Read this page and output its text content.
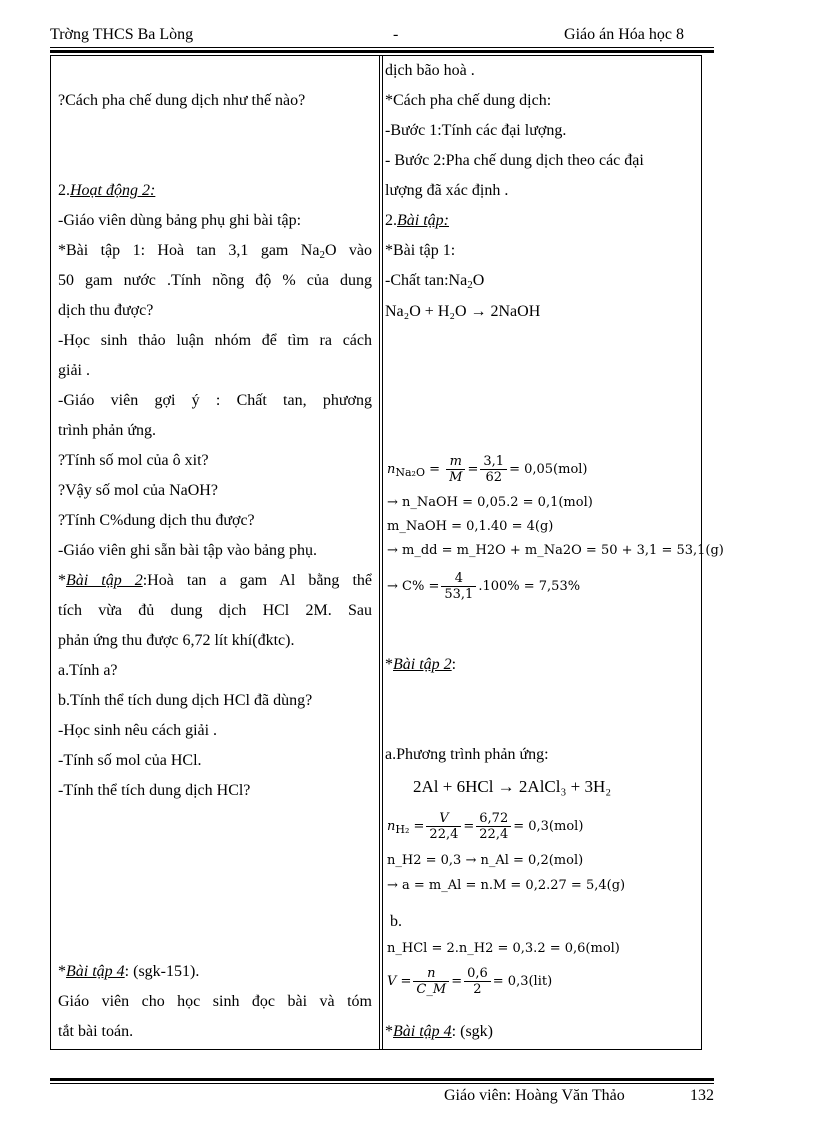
Trờng THCS Ba Lòng	-	Giáo án Hóa học 8
?Cách pha chế dung dịch như thế nào?
2.Hoạt động 2:
-Giáo viên dùng bảng phụ ghi bài tập:
*Bài tập 1: Hoà tan 3,1 gam $Na_2O$ vào
50 gam nước .Tính nồng độ % của dung
dịch thu được?
-Học sinh thảo luận nhóm để tìm ra cách
giải .
-Giáo viên gợi ý : Chất tan, phương
trình phản ứng.
?Tính số mol của ô xit?
?Vậy số mol của NaOH?
?Tính C%dung dịch thu được?
-Giáo viên ghi sẵn bài tập vào bảng phụ.
*Bài tập 2:Hoà tan a gam Al bằng thể
tích vừa đủ dung dịch HCl 2M. Sau
phản ứng thu được 6,72 lít khí(đktc).
a.Tính a?
b.Tính thể tích dung dịch HCl đã dùng?
-Học sinh nêu cách giải .
-Tính số mol của HCl.
-Tính thể tích dung dịch HCl?
*Bài tập 4: (sgk-151).
Giáo viên cho học sinh đọc bài và tóm
tắt bài toán.
dịch bão hoà .
*Cách pha chế dung dịch:
-Bước 1:Tính các đại lượng.
- Bước 2:Pha chế dung dịch theo các đại
lượng đã xác định .
2.Bài tập:
*Bài tập 1:
-Chất $\tan:Na_2O$
Na₂O + H₂O → 2NaOH
$n_{Na_2O} = \frac{m}{M} = \frac{3,1}{62} = 0,05(mol)$
→ n_NaOH = 0,05.2 = 0,1(mol)
m_NaOH = 0,1.40 = 4(g)
→ m_dd = m_H2O + m_Na2O = 50 + 3,1 = 53,1(g)
→ $C\% = \frac{4}{53,1} .100\% = 7,53\%$
*Bài tập 2:
a.Phương trình phản ứng:
2Al + 6HCl → 2AlCl₃ + 3H₂
$n_{H_2} = \frac{V}{22,4} = \frac{6,72}{22,4} = 0,3(mol)$
n_H2 = 0,3 → n_Al = 0,2(mol)
→ a = m_Al = n.M = 0,2.27 = 5,4(g)
b.
n_HCl = 2.n_H2 = 0,3.2 = 0,6(mol)
$V = \frac{n}{C\_M} = \frac{0,6}{2} = 0,3(lit)$
*Bài tập 4: (sgk)
Giáo viên: Hoàng Văn Thảo	132
